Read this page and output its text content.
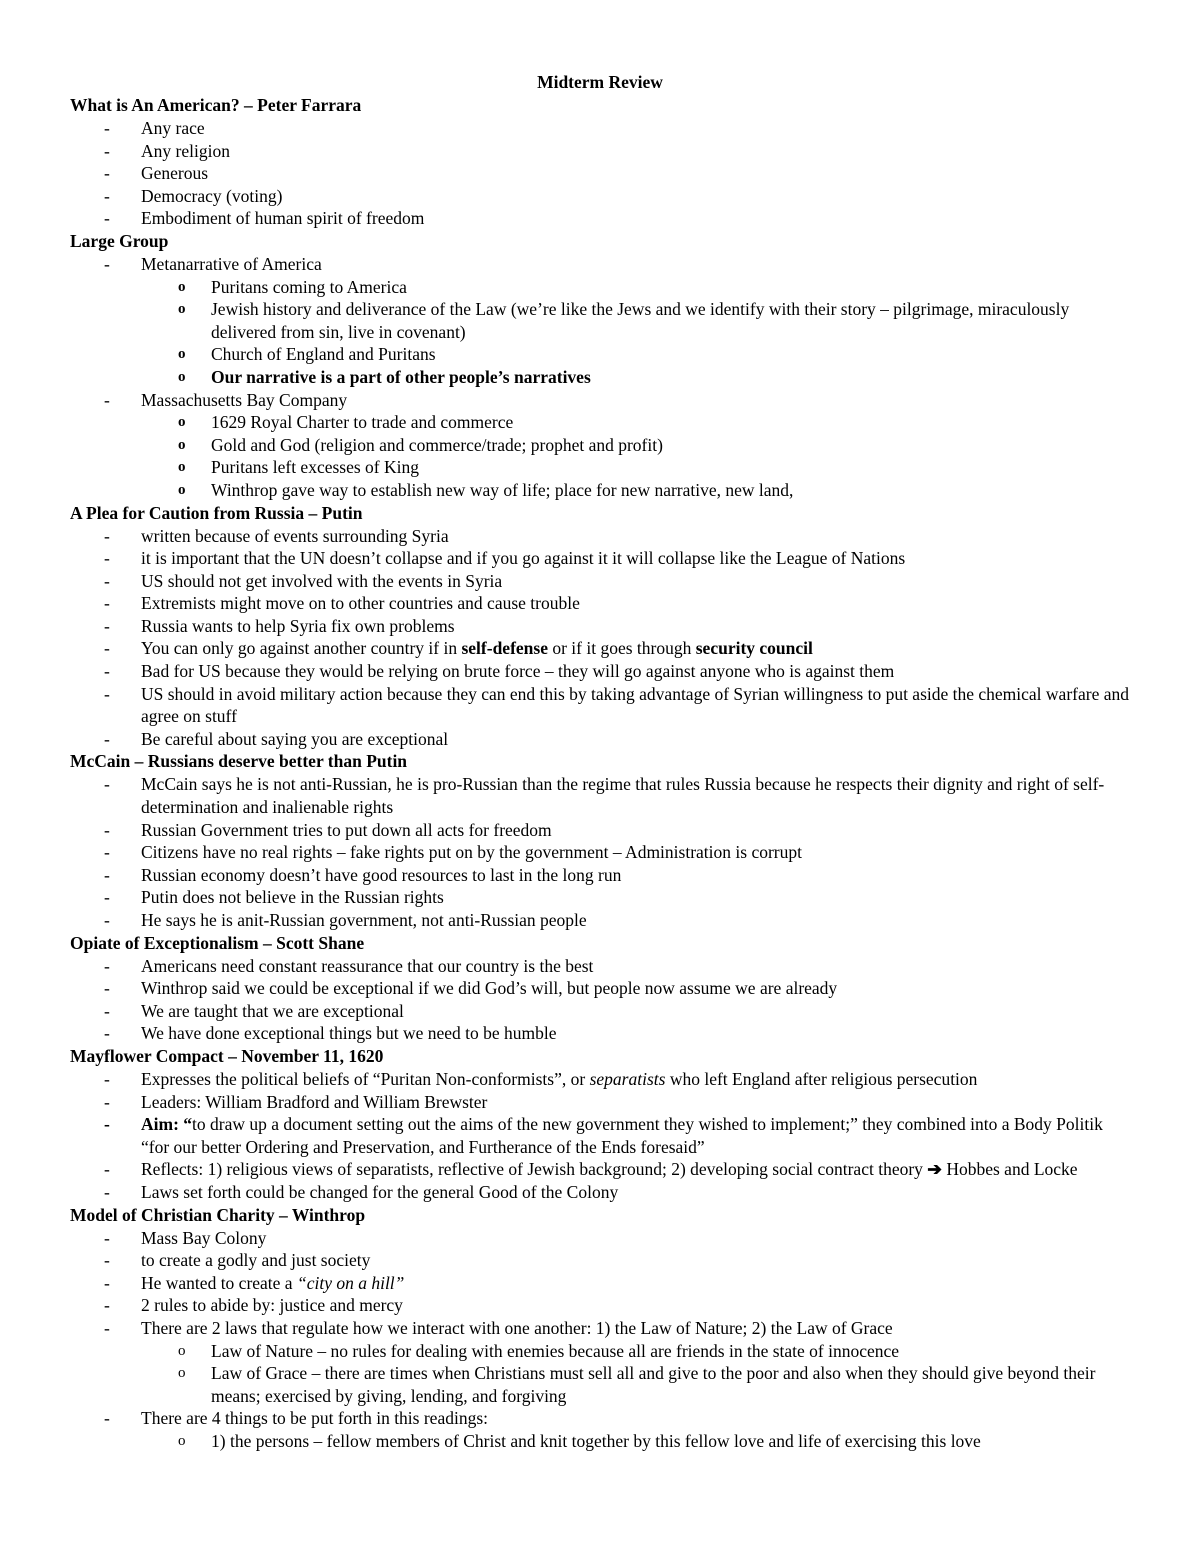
Midterm Review
What is An American? – Peter Farrara
- Any race
- Any religion
- Generous
- Democracy (voting)
- Embodiment of human spirit of freedom
Large Group
- Metanarrative of America
o Puritans coming to America
o Jewish history and deliverance of the Law (we’re like the Jews and we identify with their story – pilgrimage, miraculously delivered from sin, live in covenant)
o Church of England and Puritans
o Our narrative is a part of other people’s narratives
- Massachusetts Bay Company
o 1629 Royal Charter to trade and commerce
o Gold and God (religion and commerce/trade; prophet and profit)
o Puritans left excesses of King
o Winthrop gave way to establish new way of life; place for new narrative, new land,
A Plea for Caution from Russia – Putin
- written because of events surrounding Syria
- it is important that the UN doesn’t collapse and if you go against it it will collapse like the League of Nations
- US should not get involved with the events in Syria
- Extremists might move on to other countries and cause trouble
- Russia wants to help Syria fix own problems
- You can only go against another country if in self-defense or if it goes through security council
- Bad for US because they would be relying on brute force – they will go against anyone who is against them
- US should in avoid military action because they can end this by taking advantage of Syrian willingness to put aside the chemical warfare and agree on stuff
- Be careful about saying you are exceptional
McCain – Russians deserve better than Putin
- McCain says he is not anti-Russian, he is pro-Russian than the regime that rules Russia because he respects their dignity and right of self-determination and inalienable rights
- Russian Government tries to put down all acts for freedom
- Citizens have no real rights – fake rights put on by the government – Administration is corrupt
- Russian economy doesn’t have good resources to last in the long run
- Putin does not believe in the Russian rights
- He says he is anit-Russian government, not anti-Russian people
Opiate of Exceptionalism – Scott Shane
- Americans need constant reassurance that our country is the best
- Winthrop said we could be exceptional if we did God’s will, but people now assume we are already
- We are taught that we are exceptional
- We have done exceptional things but we need to be humble
Mayflower Compact – November 11, 1620
- Expresses the political beliefs of “Puritan Non-conformists”, or separatists who left England after religious persecution
- Leaders: William Bradford and William Brewster
- Aim: “to draw up a document setting out the aims of the new government they wished to implement;” they combined into a Body Politik “for our better Ordering and Preservation, and Furtherance of the Ends foresaid”
- Reflects: 1) religious views of separatists, reflective of Jewish background; 2) developing social contract theory ➔ Hobbes and Locke
- Laws set forth could be changed for the general Good of the Colony
Model of Christian Charity – Winthrop
- Mass Bay Colony
- to create a godly and just society
- He wanted to create a “city on a hill”
- 2 rules to abide by: justice and mercy
- There are 2 laws that regulate how we interact with one another: 1) the Law of Nature; 2) the Law of Grace
o Law of Nature – no rules for dealing with enemies because all are friends in the state of innocence
o Law of Grace – there are times when Christians must sell all and give to the poor and also when they should give beyond their means; exercised by giving, lending, and forgiving
- There are 4 things to be put forth in this readings:
o 1) the persons – fellow members of Christ and knit together by this fellow love and life of exercising this love
